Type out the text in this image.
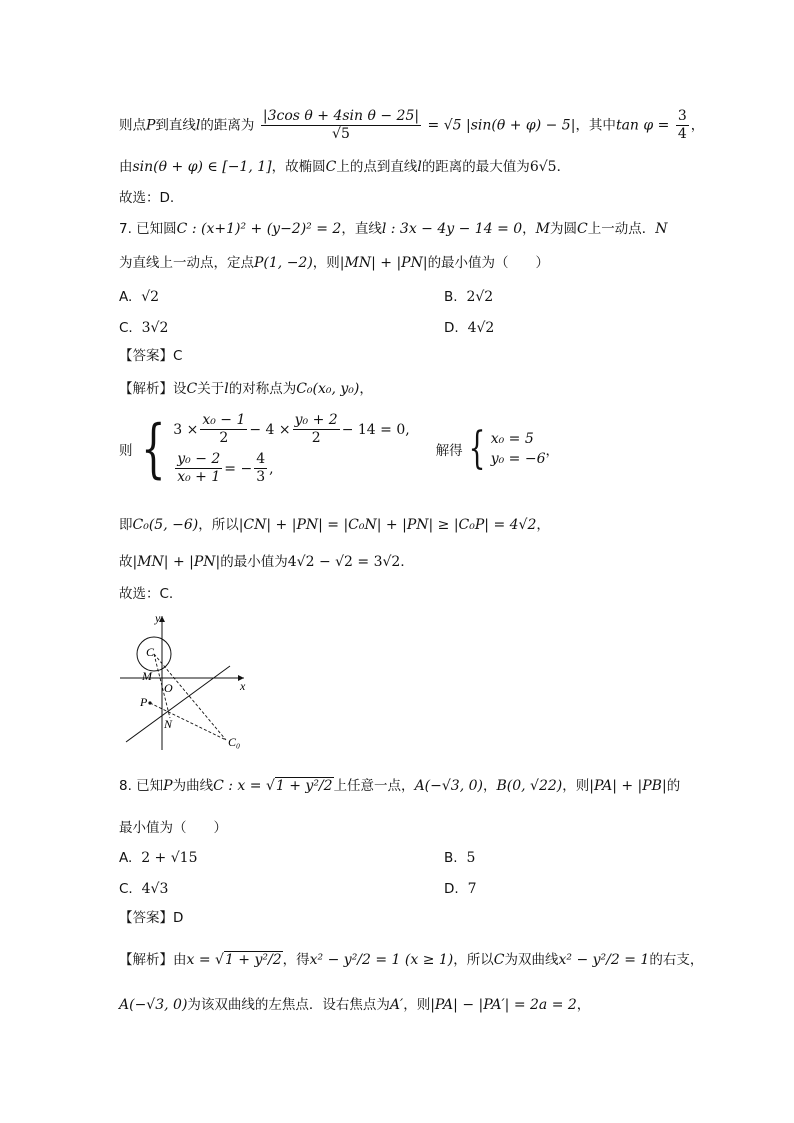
则点P到直线l的距离为 $\frac{\text{|3cos θ + 4sin θ − 25|}}{√5} = √5$ |sin(θ + φ) − 5|，其中$\tan \varphi = \frac{3}{4}$ ，
由sin(θ + φ) ∈ [−1, 1]，故椭圆C上的点到直线l的距离的最大值为6√5．
故选：D.
7. 已知圆C : (x+1)² + (y−2)² = 2，直线l : 3x − 4y − 14 = 0，M为圆C上一动点．N
为直线上一动点，定点P(1, −2)，则|MN| + |PN|的最小值为（　　）
A. √2	B. 2√2
C. 3√2	D. 4√2
【答案】C
【解析】设C关于l的对称点为C₀(x₀, y₀)，
则 { $3 \times \frac{\text{x₀ − 1}}{2} - 4 \times \frac{\text{y₀ + 2}}{2} - 14 = 0$,
$\frac{\text{y₀ − 2}}{\text{x₀ + 1}}$ = − $\frac{4}{3}$ ,
解得 { x₀ = 5
y₀ = −6 ，
即C₀(5, −6)，所以|CN| + |PN| = |C₀N| + |PN| ≥ |C₀P| = 4√2，
故|MN| + |PN|的最小值为4√2 − √2 = 3√2．
故选：C.
y
x
C
M
O
P
N
C₀
8. 已知P为曲线C : x = √1 + y²/2上任意一点，A(−√3, 0)，B(0, √22)，则|PA| + |PB|的
最小值为（　　）
A. 2 + √15	B. 5
C. 4√3	D. 7
【答案】D
【解析】由x = √1 + y²/2，得x² − y²/2 = 1 (x ≥ 1)，所以C为双曲线x² − y²/2 = 1的右支，
A(−√3, 0)为该双曲线的左焦点．设右焦点为A′，则|PA| − |PA′| = 2a = 2，
